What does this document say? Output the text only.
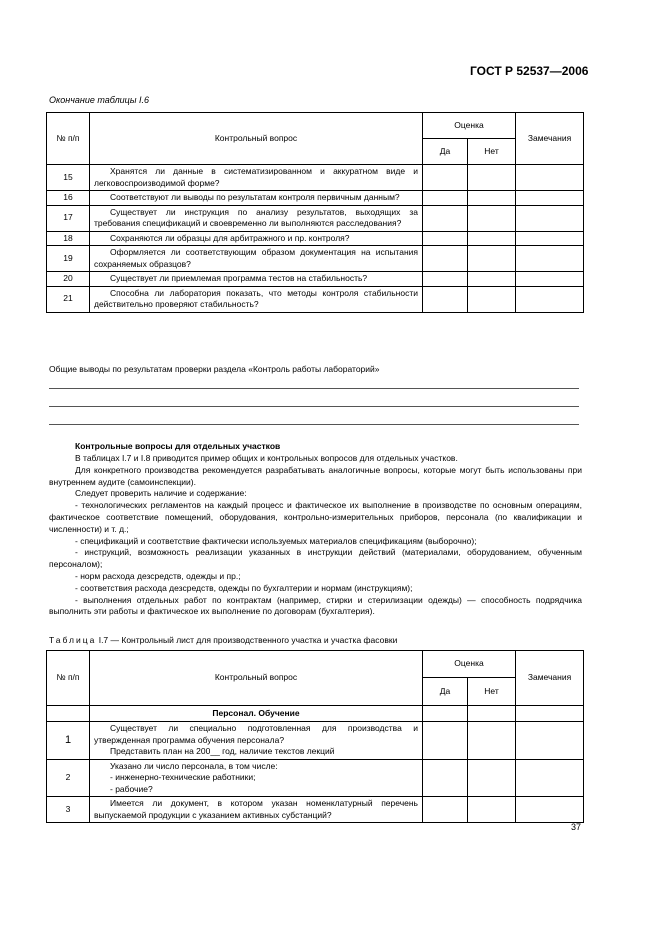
ГОСТ Р 52537—2006
Окончание таблицы I.6
№ п/п	Контрольный вопрос	Оценка		Замечания
		Да	Нет	
15	Хранятся ли данные в систематизированном и аккуратном виде и легковоспроизводимой форме?			

16	Соответствуют ли выводы по результатам контроля первичным данным?			

17	Существует ли инструкция по анализу результатов, выходящих за требования спецификаций и своевременно ли выполняются расследования?			

18	Сохраняются ли образцы для арбитражного и пр. контроля?			

19	Оформляется ли соответствующим образом документация на испытания сохраняемых образцов?			

20	Существует ли приемлемая программа тестов на стабильность?			

21	Способна ли лаборатория показать, что методы контроля стабильности действительно проверяют стабильность?			

Общие выводы по результатам проверки раздела «Контроль работы лабораторий»
Контрольные вопросы для отдельных участков

В таблицах I.7 и I.8 приводится пример общих и контрольных вопросов для отдельных участков.

Для конкретного производства рекомендуется разрабатывать аналогичные вопросы, которые могут быть использованы при внутреннем аудите (самоинспекции).

Следует проверить наличие и содержание:

- технологических регламентов на каждый процесс и фактическое их выполнение в производстве по основным операциям, фактическое соответствие помещений, оборудования, контрольно-измерительных приборов, персонала (по квалификации и численности) и т. д.;

- спецификаций и соответствие фактически используемых материалов спецификациям (выборочно);

- инструкций, возможность реализации указанных в инструкции действий (материалами, оборудованием, обученным персоналом);

- норм расхода дезсредств, одежды и пр.;

- соответствия расхода дезсредств, одежды по бухгалтерии и нормам (инструкциям);

- выполнения отдельных работ по контрактам (например, стирки и стерилизации одежды) — способность подрядчика выполнить эти работы и фактическое их выполнение по договорам (бухгалтерия).

Таблица I.7 — Контрольный лист для производственного участка и участка фасовки
№ п/п	Контрольный вопрос	Оценка		Замечания
		Да	Нет	
	Персонал. Обучение			
1	Существует ли специально подготовленная для производства и утвержденная программа обучения персонала?
Представить план на 200__ год, наличие текстов лекций			

2	Указано ли число персонала, в том числе:
- инженерно-технические работники;
- рабочие?			

3	Имеется ли документ, в котором указан номенклатурный перечень выпускаемой продукции с указанием активных субстанций?			

37
